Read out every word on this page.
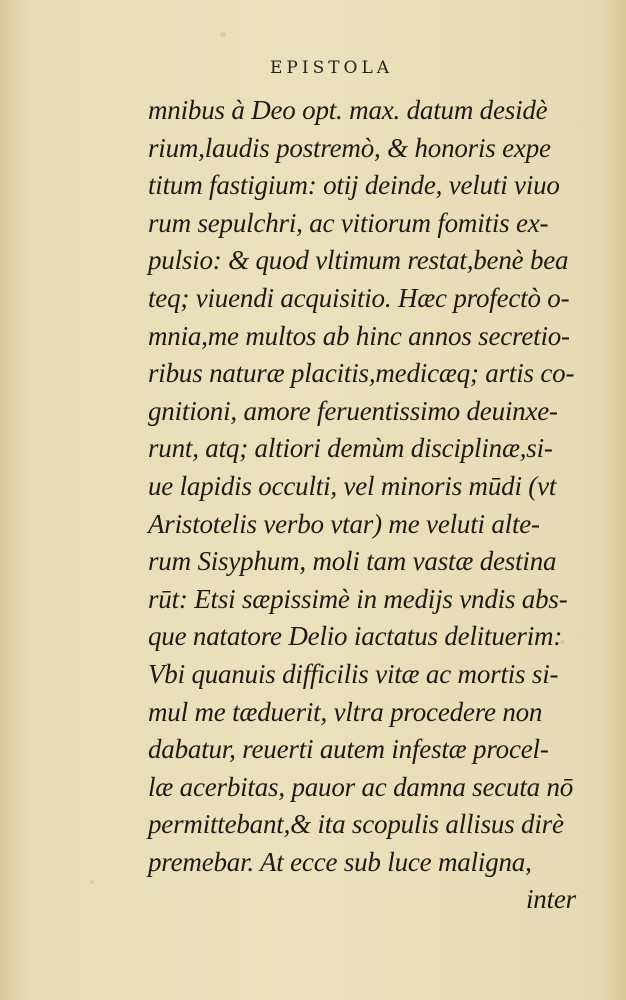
EPISTOLA
mnibus à Deo opt. max. datum desidè
rium,laudis postremò, & honoris expe
titum fastigium: otij deinde, veluti viuo
rum sepulchri, ac vitiorum fomitis ex-
pulsio: & quod vltimum restat,benè bea
teq; viuendi acquisitio. Hæc profectò o-
mnia,me multos ab hinc annos secretio-
ribus naturæ placitis,medicæq; artis co-
gnitioni, amore feruentissimo deuinxe-
runt, atq; altiori demùm disciplinæ,si-
ue lapidis occulti, vel minoris mūdi (vt
Aristotelis verbo vtar) me veluti alte-
rum Sisyphum, moli tam vastæ destina
rūt: Etsi sæpissimè in medijs vndis abs-
que natatore Delio iactatus delituerim:
Vbi quanuis difficilis vitæ ac mortis si-
mul me tæduerit, vltra procedere non
dabatur, reuerti autem infestæ procel-
læ acerbitas, pauor ac damna secuta nō
permittebant,& ita scopulis allisus dirè
premebar. At ecce sub luce maligna,
inter
